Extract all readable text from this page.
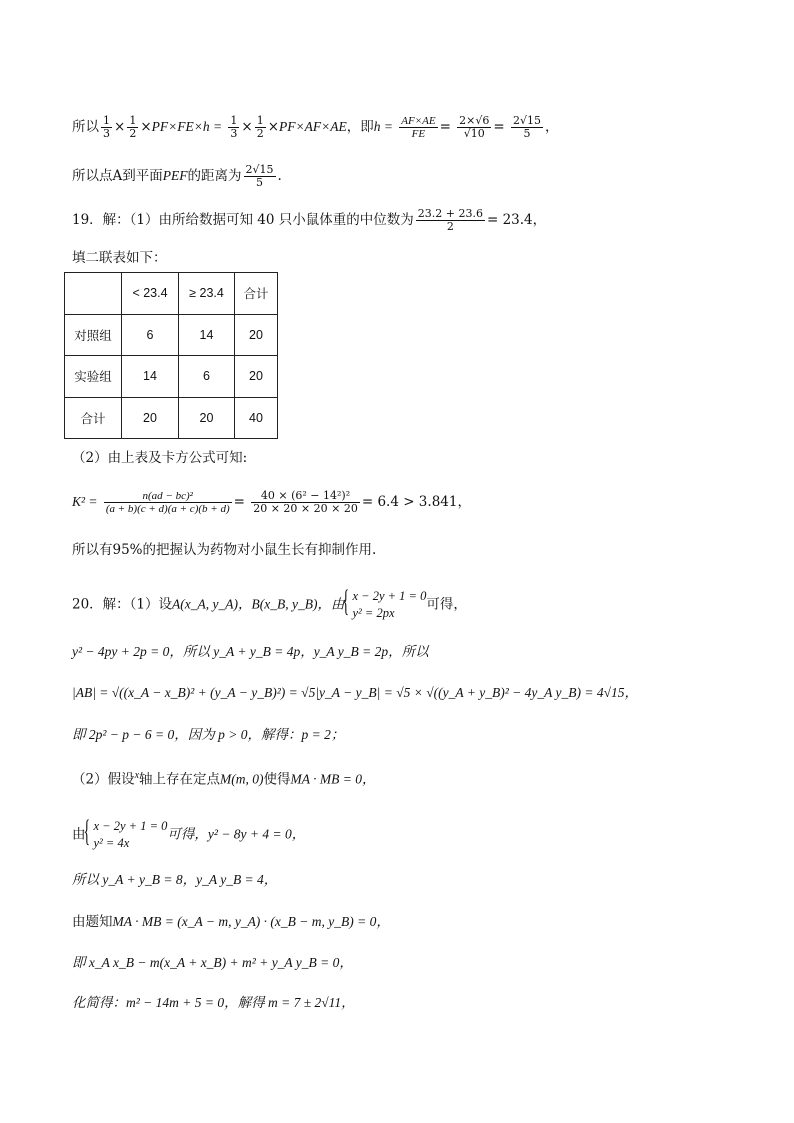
所以 $\frac{1}{3} \times \frac{1}{2} \times PF\times FE\times h = \frac{1}{3} \times \frac{1}{2} \times PF\times AF\times AE$，即$h = \frac{AF\times AE}{FE} = \frac{2\times√6}{√10} = \frac{2√15}{5}$ ，
所以点A到平面PEF的距离为 $\frac{2√15}{5}$ .
19．解：（1）由所给数据可知 40 只小鼠体重的中位数为 $\frac{23.2 + 23.6}{2} = 23.4$，
填二联表如下：
	< 23.4	≥ 23.4	合计
对照组	6	14	20
实验组	14	6	20
合计	20	20	40
（2）由上表及卡方公式可知:
$K^2 = \frac{\text{n(ad − bc)²}}{(a + b)(c + d)(a + c)(b + d)} = \frac{\text{40 × (6² − 14²)²}}{20 \times 20 \times 20 \times 20} = 6.4 > 3.841$，
所以有95%的把握认为药物对小鼠生长有抑制作用.
20．解：（1）设A(x_A, y_A)，B(x_B, y_B)，由
{ x − 2y + 1 = 0
y² = 2px
可得，
y² − 4py + 2p = 0，所以 y_A + y_B = 4p，y_A y_B = 2p，所以
|AB| = √((x_A − x_B)² + (y_A − y_B)²) = √5|y_A − y_B| = √5 × √((y_A + y_B)² − 4y_A y_B) = 4√15，
即 2p² − p − 6 = 0，因为 p > 0，解得：p = 2；
（2）假设$^x$轴上存在定点M(m, 0)使得MA · MB = 0，
由
{ x − 2y + 1 = 0
y² = 4x
可得，y² − 8y + 4 = 0，
所以 y_A + y_B = 8，y_A y_B = 4，
由题知MA · MB = (x_A − m, y_A) · (x_B − m, y_B) = 0，
即 x_A x_B − m(x_A + x_B) + m² + y_A y_B = 0，
化简得：m² − 14m + 5 = 0，解得 m = 7 ± 2√11，
